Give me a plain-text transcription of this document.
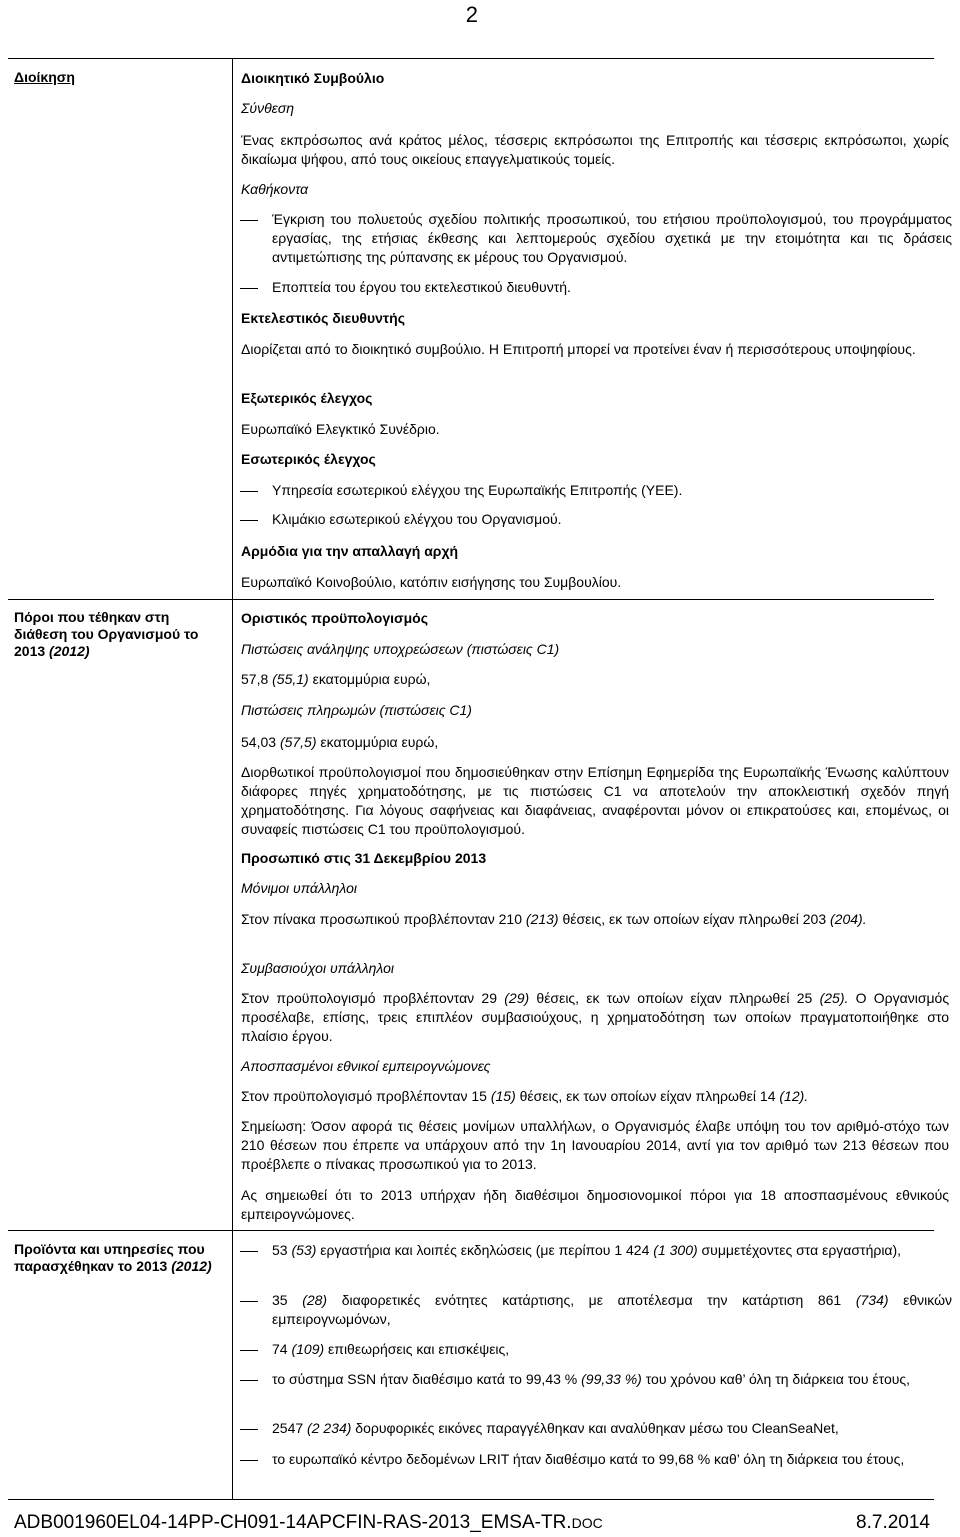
2
Διοίκηση	Διοικητικό Συμβούλιο
Σύνθεση
Ένας εκπρόσωπος ανά κράτος μέλος, τέσσερις εκπρόσωποι της Επιτροπής και τέσσερις εκπρόσωποι, χωρίς δικαίωμα ψήφου, από τους οικείους επαγγελματικούς τομείς.
Καθήκοντα
Έγκριση του πολυετούς σχεδίου πολιτικής προσωπικού, του ετήσιου προϋπολογισμού, του προγράμματος εργασίας, της ετήσιας έκθεσης και λεπτομερούς σχεδίου σχετικά με την ετοιμότητα και τις δράσεις αντιμετώπισης της ρύπανσης εκ μέρους του Οργανισμού.
Εποπτεία του έργου του εκτελεστικού διευθυντή.
Εκτελεστικός διευθυντής
Διορίζεται από το διοικητικό συμβούλιο. Η Επιτροπή μπορεί να προτείνει έναν ή περισσότερους υποψηφίους.
Εξωτερικός έλεγχος
Ευρωπαϊκό Ελεγκτικό Συνέδριο.
Εσωτερικός έλεγχος
Υπηρεσία εσωτερικού ελέγχου της Ευρωπαϊκής Επιτροπής (ΥΕΕ).
Κλιμάκιο εσωτερικού ελέγχου του Οργανισμού.
Αρμόδια για την απαλλαγή αρχή
Ευρωπαϊκό Κοινοβούλιο, κατόπιν εισήγησης του Συμβουλίου.
Πόροι που τέθηκαν στη διάθεση του Οργανισμού το 2013 (2012)
Οριστικός προϋπολογισμός
Πιστώσεις ανάληψης υποχρεώσεων (πιστώσεις C1)
57,8 (55,1) εκατομμύρια ευρώ,
Πιστώσεις πληρωμών (πιστώσεις C1)
54,03 (57,5) εκατομμύρια ευρώ,
Διορθωτικοί προϋπολογισμοί που δημοσιεύθηκαν στην Επίσημη Εφημερίδα της Ευρωπαϊκής Ένωσης καλύπτουν διάφορες πηγές χρηματοδότησης, με τις πιστώσεις C1 να αποτελούν την αποκλειστική σχεδόν πηγή χρηματοδότησης. Για λόγους σαφήνειας και διαφάνειας, αναφέρονται μόνον οι επικρατούσες και, επομένως, οι συναφείς πιστώσεις C1 του προϋπολογισμού.
Προσωπικό στις 31 Δεκεμβρίου 2013
Μόνιμοι υπάλληλοι
Στον πίνακα προσωπικού προβλέπονταν 210 (213) θέσεις, εκ των οποίων είχαν πληρωθεί 203 (204).
Συμβασιούχοι υπάλληλοι
Στον προϋπολογισμό προβλέπονταν 29 (29) θέσεις, εκ των οποίων είχαν πληρωθεί 25 (25). Ο Οργανισμός προσέλαβε, επίσης, τρεις επιπλέον συμβασιούχους, η χρηματοδότηση των οποίων πραγματοποιήθηκε στο πλαίσιο έργου.
Αποσπασμένοι εθνικοί εμπειρογνώμονες
Στον προϋπολογισμό προβλέπονταν 15 (15) θέσεις, εκ των οποίων είχαν πληρωθεί 14 (12).
Σημείωση: Όσον αφορά τις θέσεις μονίμων υπαλλήλων, ο Οργανισμός έλαβε υπόψη του τον αριθμό-στόχο των 210 θέσεων που έπρεπε να υπάρχουν από την 1η Ιανουαρίου 2014, αντί για τον αριθμό των 213 θέσεων που προέβλεπε ο πίνακας προσωπικού για το 2013.
Ας σημειωθεί ότι το 2013 υπήρχαν ήδη διαθέσιμοι δημοσιονομικοί πόροι για 18 αποσπασμένους εθνικούς εμπειρογνώμονες.
Προϊόντα και υπηρεσίες που παρασχέθηκαν το 2013 (2012)
53 (53) εργαστήρια και λοιπές εκδηλώσεις (με περίπου 1 424 (1 300) συμμετέχοντες στα εργαστήρια),
35 (28) διαφορετικές ενότητες κατάρτισης, με αποτέλεσμα την κατάρτιση 861 (734) εθνικών εμπειρογνωμόνων,
74 (109) επιθεωρήσεις και επισκέψεις,
το σύστημα SSN ήταν διαθέσιμο κατά το 99,43 % (99,33 %) του χρόνου καθ’ όλη τη διάρκεια του έτους,
2547 (2 234) δορυφορικές εικόνες παραγγέλθηκαν και αναλύθηκαν μέσω του CleanSeaNet,
το ευρωπαϊκό κέντρο δεδομένων LRIT ήταν διαθέσιμο κατά το 99,68 % καθ’ όλη τη διάρκεια του έτους,
ADB001960EL04-14PP-CH091-14APCFIN-RAS-2013_EMSA-TR.DOC	8.7.2014
